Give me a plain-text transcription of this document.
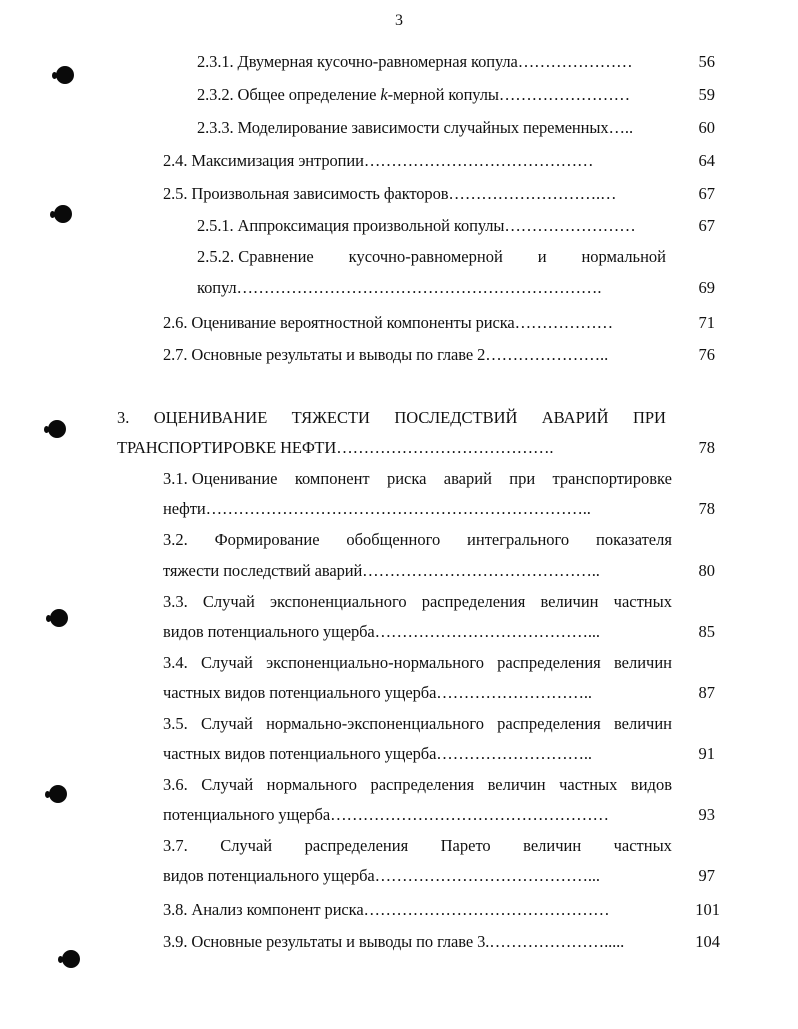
3
2.3.1. Двумерная кусочно-равномерная копула…………………	56
2.3.2. Общее определение k-мерной копулы……………………	59
2.3.3. Моделирование зависимости случайных переменных…..	60
2.4. Максимизация энтропии……………………………………	64
2.5. Произвольная зависимость факторов……………………….…	67
2.5.1. Аппроксимация произвольной копулы……………………	67
2.5.2. Сравнение кусочно-равномерной и нормальной
копул………………………………………………………….	69
2.6. Оценивание вероятностной компоненты риска………………	71
2.7. Основные результаты и выводы по главе 2…………………..	76
3. ОЦЕНИВАНИЕ ТЯЖЕСТИ ПОСЛЕДСТВИЙ АВАРИЙ ПРИ
ТРАНСПОРТИРОВКЕ НЕФТИ………………………………….	78
3.1. Оценивание компонент риска аварий при транспортировке
нефти……………………………………………………………..	78
3.2. Формирование обобщенного интегрального показателя
тяжести последствий аварий……………………………………..	80
3.3. Случай экспоненциального распределения величин частных
видов потенциального ущерба…………………………………...	85
3.4. Случай экспоненциально-нормального распределения величин
частных видов потенциального ущерба………………………..	87
3.5. Случай нормально-экспоненциального распределения величин
частных видов потенциального ущерба………………………..	91
3.6. Случай нормального распределения величин частных видов
потенциального ущерба……………………………………………	93
3.7. Случай распределения Парето величин частных
видов потенциального ущерба…………………………………...	97
3.8. Анализ компонент риска………………………………………	101
3.9. Основные результаты и выводы по главе 3.………………….....	104
